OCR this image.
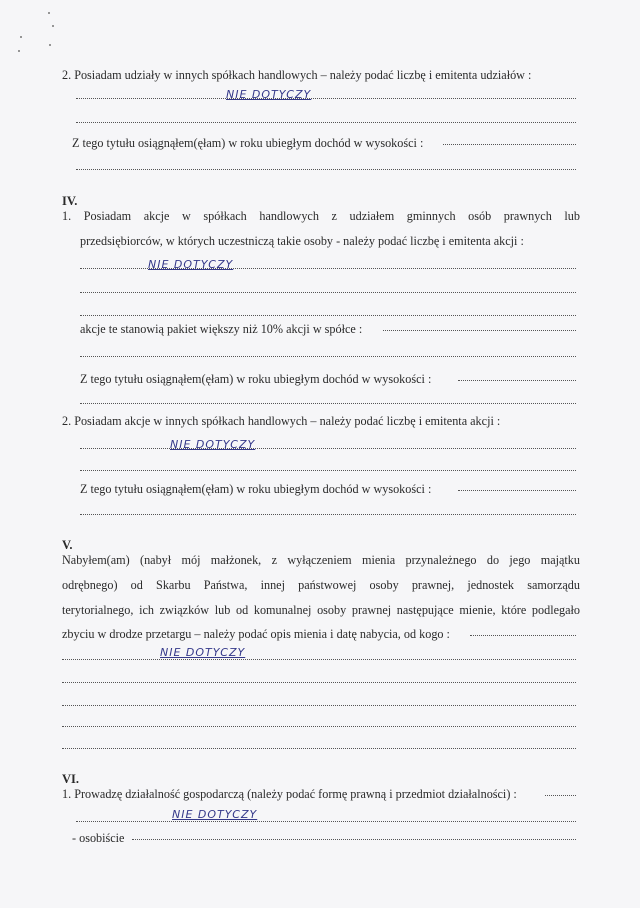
2. Posiadam udziały w innych spółkach handlowych – należy podać liczbę i emitenta udziałów :
NIE DOTYCZY
Z tego tytułu osiągnąłem(ęłam) w roku ubiegłym dochód w wysokości :
IV.
1. Posiadam akcje w spółkach handlowych z udziałem gminnych osób prawnych lub
przedsiębiorców, w których uczestniczą takie osoby - należy podać liczbę i emitenta akcji :
NIE DOTYCZY
akcje te stanowią pakiet większy niż 10% akcji w spółce :
Z tego tytułu osiągnąłem(ęłam) w roku ubiegłym dochód w wysokości :
2. Posiadam akcje w innych spółkach handlowych – należy podać liczbę i emitenta akcji :
NIE DOTYCZY
Z tego tytułu osiągnąłem(ęłam) w roku ubiegłym dochód w wysokości :
V.
Nabyłem(am) (nabył mój małżonek, z wyłączeniem mienia przynależnego do jego majątku
odrębnego) od Skarbu Państwa, innej państwowej osoby prawnej, jednostek samorządu
terytorialnego, ich związków lub od komunalnej osoby prawnej następujące mienie, które podlegało
zbyciu w drodze przetargu – należy podać opis mienia i datę nabycia, od kogo :
NIE DOTYCZY
VI.
1. Prowadzę działalność gospodarczą (należy podać formę prawną i przedmiot działalności) :
NIE DOTYCZY
- osobiście
